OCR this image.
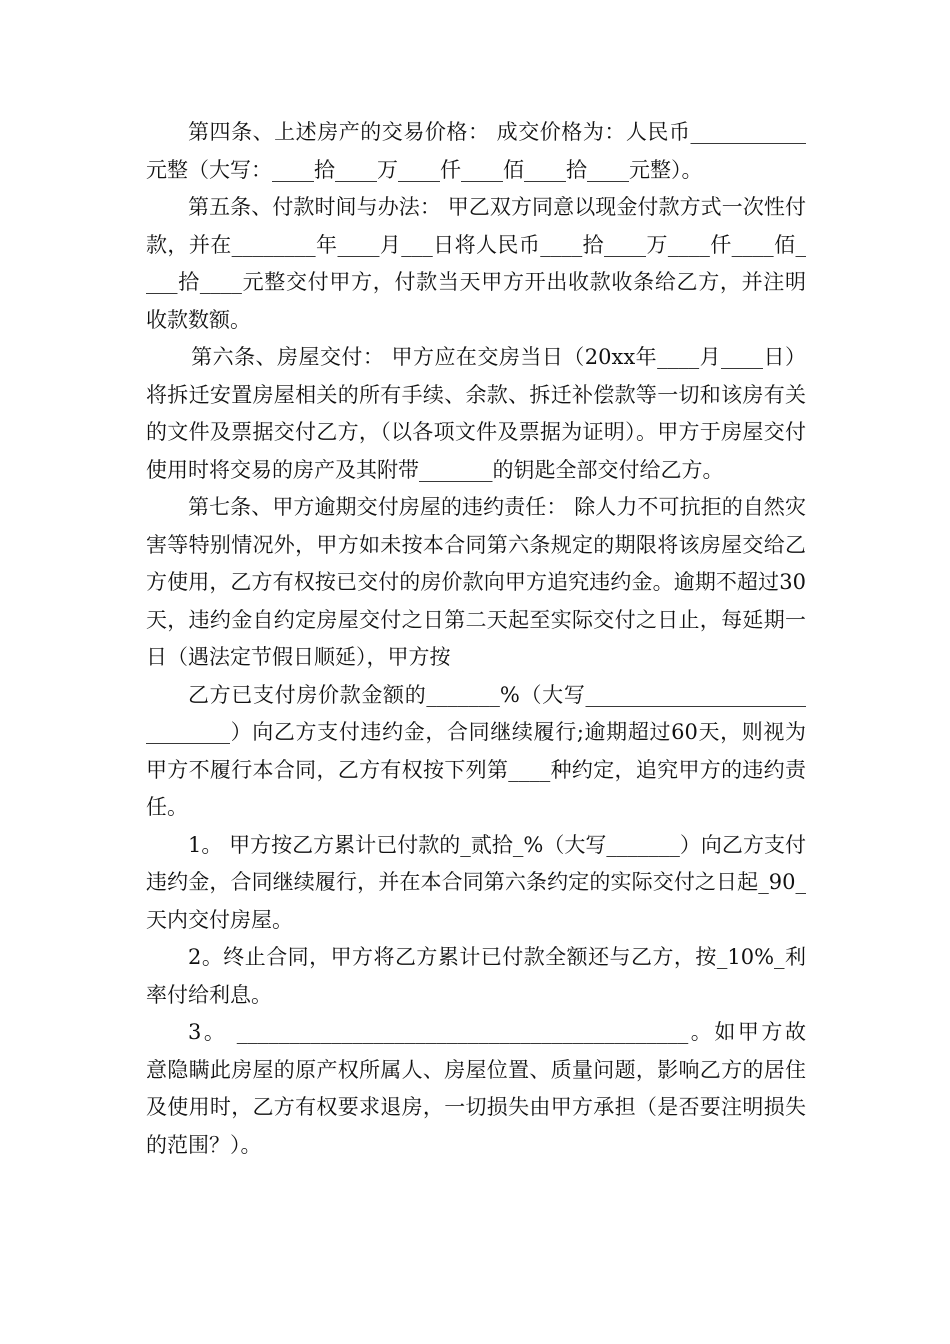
第四条、上述房产的交易价格： 成交价格为：人民币___________元整（大写：____拾____万____仟____佰____拾____元整）。

第五条、付款时间与办法： 甲乙双方同意以现金付款方式一次性付款，并在________年____月___日将人民币____拾____万____仟____佰____拾____元整交付甲方，付款当天甲方开出收款收条给乙方，并注明收款数额。

第六条、房屋交付： 甲方应在交房当日（20xx年____月____日）将拆迁安置房屋相关的所有手续、余款、拆迁补偿款等一切和该房有关的文件及票据交付乙方，（以各项文件及票据为证明）。甲方于房屋交付使用时将交易的房产及其附带_______的钥匙全部交付给乙方。

第七条、甲方逾期交付房屋的违约责任： 除人力不可抗拒的自然灾害等特别情况外，甲方如未按本合同第六条规定的期限将该房屋交给乙方使用，乙方有权按已交付的房价款向甲方追究违约金。逾期不超过30天，违约金自约定房屋交付之日第二天起至实际交付之日止，每延期一日（遇法定节假日顺延），甲方按

乙方已支付房价款金额的_______%（大写_____________________________）向乙方支付违约金，合同继续履行;逾期超过60天，则视为甲方不履行本合同，乙方有权按下列第____种约定，追究甲方的违约责任。

1。 甲方按乙方累计已付款的_贰拾_%（大写_______）向乙方支付违约金，合同继续履行，并在本合同第六条约定的实际交付之日起_90_天内交付房屋。

2。终止合同，甲方将乙方累计已付款全额还与乙方，按_10%_利率付给利息。

3。 ___________________________________________。如甲方故意隐瞒此房屋的原产权所属人、房屋位置、质量问题，影响乙方的居住及使用时，乙方有权要求退房，一切损失由甲方承担（是否要注明损失的范围？）。
